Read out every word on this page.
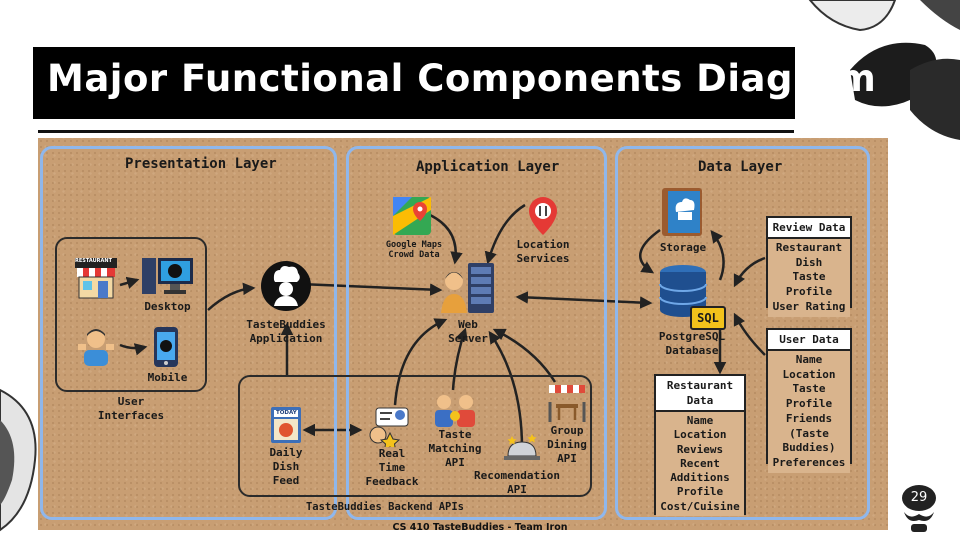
Major Functional Components Diagram
Presentation Layer	Application Layer	Data Layer
RESTAURANT
Desktop
Mobile
User
Interfaces
TasteBuddies
Application
Google Maps
Crowd Data
Location
Services
Web
Server
TODAY
Daily
Dish
Feed
Real
Time
Feedback
Taste
Matching
API
Recomendation
API
Group
Dining
API
TasteBuddies Backend APIs
Storage
SQL
PostgreSQL
Database
Review Data
Restaurant
Dish
Taste
Profile
User Rating
User Data
Name
Location
Taste
Profile
Friends
(Taste
Buddies)
Preferences
Restaurant
Data
Name
Location
Reviews
Recent
Additions
Profile
Cost/Cuisine
CS 410 TasteBuddies - Team Iron
29
